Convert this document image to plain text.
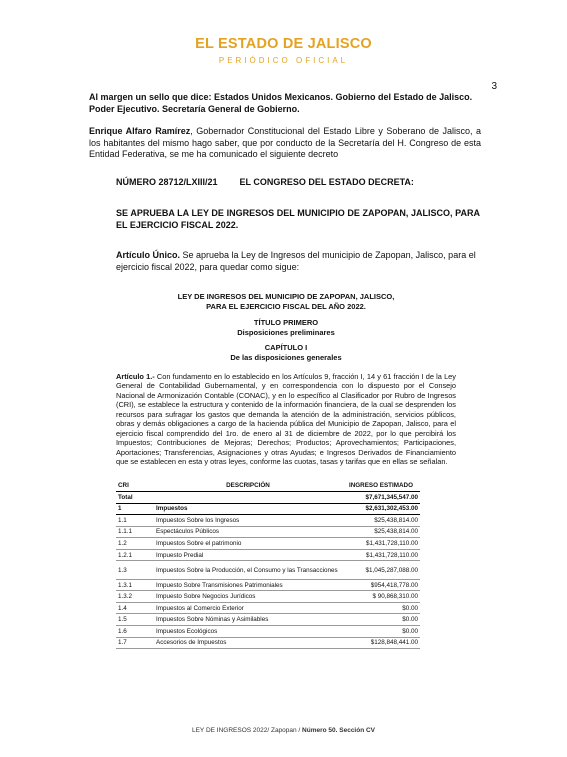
EL ESTADO DE JALISCO
PERIÓDICO OFICIAL
3
Al margen un sello que dice: Estados Unidos Mexicanos. Gobierno del Estado de Jalisco. Poder Ejecutivo. Secretaría General de Gobierno.
Enrique Alfaro Ramírez, Gobernador Constitucional del Estado Libre y Soberano de Jalisco, a los habitantes del mismo hago saber, que por conducto de la Secretaría del H. Congreso de esta Entidad Federativa, se me ha comunicado el siguiente decreto
NÚMERO 28712/LXIII/21 EL CONGRESO DEL ESTADO DECRETA:
SE APRUEBA LA LEY DE INGRESOS DEL MUNICIPIO DE ZAPOPAN, JALISCO, PARA EL EJERCICIO FISCAL 2022.
Artículo Único. Se aprueba la Ley de Ingresos del municipio de Zapopan, Jalisco, para el ejercicio fiscal 2022, para quedar como sigue:
LEY DE INGRESOS DEL MUNICIPIO DE ZAPOPAN, JALISCO,
PARA EL EJERCICIO FISCAL DEL AÑO 2022.
TÍTULO PRIMERO
Disposiciones preliminares
CAPÍTULO I
De las disposiciones generales
Artículo 1.- Con fundamento en lo establecido en los Artículos 9, fracción I, 14 y 61 fracción I de la Ley General de Contabilidad Gubernamental, y en correspondencia con lo dispuesto por el Consejo Nacional de Armonización Contable (CONAC), y en lo específico al Clasificador por Rubro de Ingresos (CRI), se establece la estructura y contenido de la información financiera, de la cual se desprenden los recursos para sufragar los gastos que demanda la atención de la administración, servicios públicos, obras y demás obligaciones a cargo de la hacienda pública del Municipio de Zapopan, Jalisco, para el ejercicio fiscal comprendido del 1ro. de enero al 31 de diciembre de 2022, por lo que percibirá los Impuestos; Contribuciones de Mejoras; Derechos; Productos; Aprovechamientos; Participaciones, Aportaciones; Transferencias, Asignaciones y otras Ayudas; e Ingresos Derivados de Financiamiento que se establecen en esta y otras leyes, conforme las cuotas, tasas y tarifas que en ellas se señalan.
CRI	DESCRIPCIÓN	INGRESO ESTIMADO
Total		$7,671,345,547.00
1	Impuestos	$2,631,302,453.00
1.1	Impuestos Sobre los Ingresos	$25,438,814.00
1.1.1	Espectáculos Públicos	$25,438,814.00
1.2	Impuestos Sobre el patrimonio	$1,431,728,110.00
1.2.1	Impuesto Predial	$1,431,728,110.00
1.3	Impuestos Sobre la Producción, el Consumo y las Transacciones	$1,045,287,088.00
1.3.1	Impuesto Sobre Transmisiones Patrimoniales	$954,418,778.00
1.3.2	Impuesto Sobre Negocios Jurídicos	$ 90,868,310.00
1.4	Impuestos al Comercio Exterior	$0.00
1.5	Impuestos Sobre Nóminas y Asimilables	$0.00
1.6	Impuestos Ecológicos	$0.00
1.7	Accesorios de Impuestos	$128,848,441.00
LEY DE INGRESOS 2022/ Zapopan / Número 50. Sección CV
